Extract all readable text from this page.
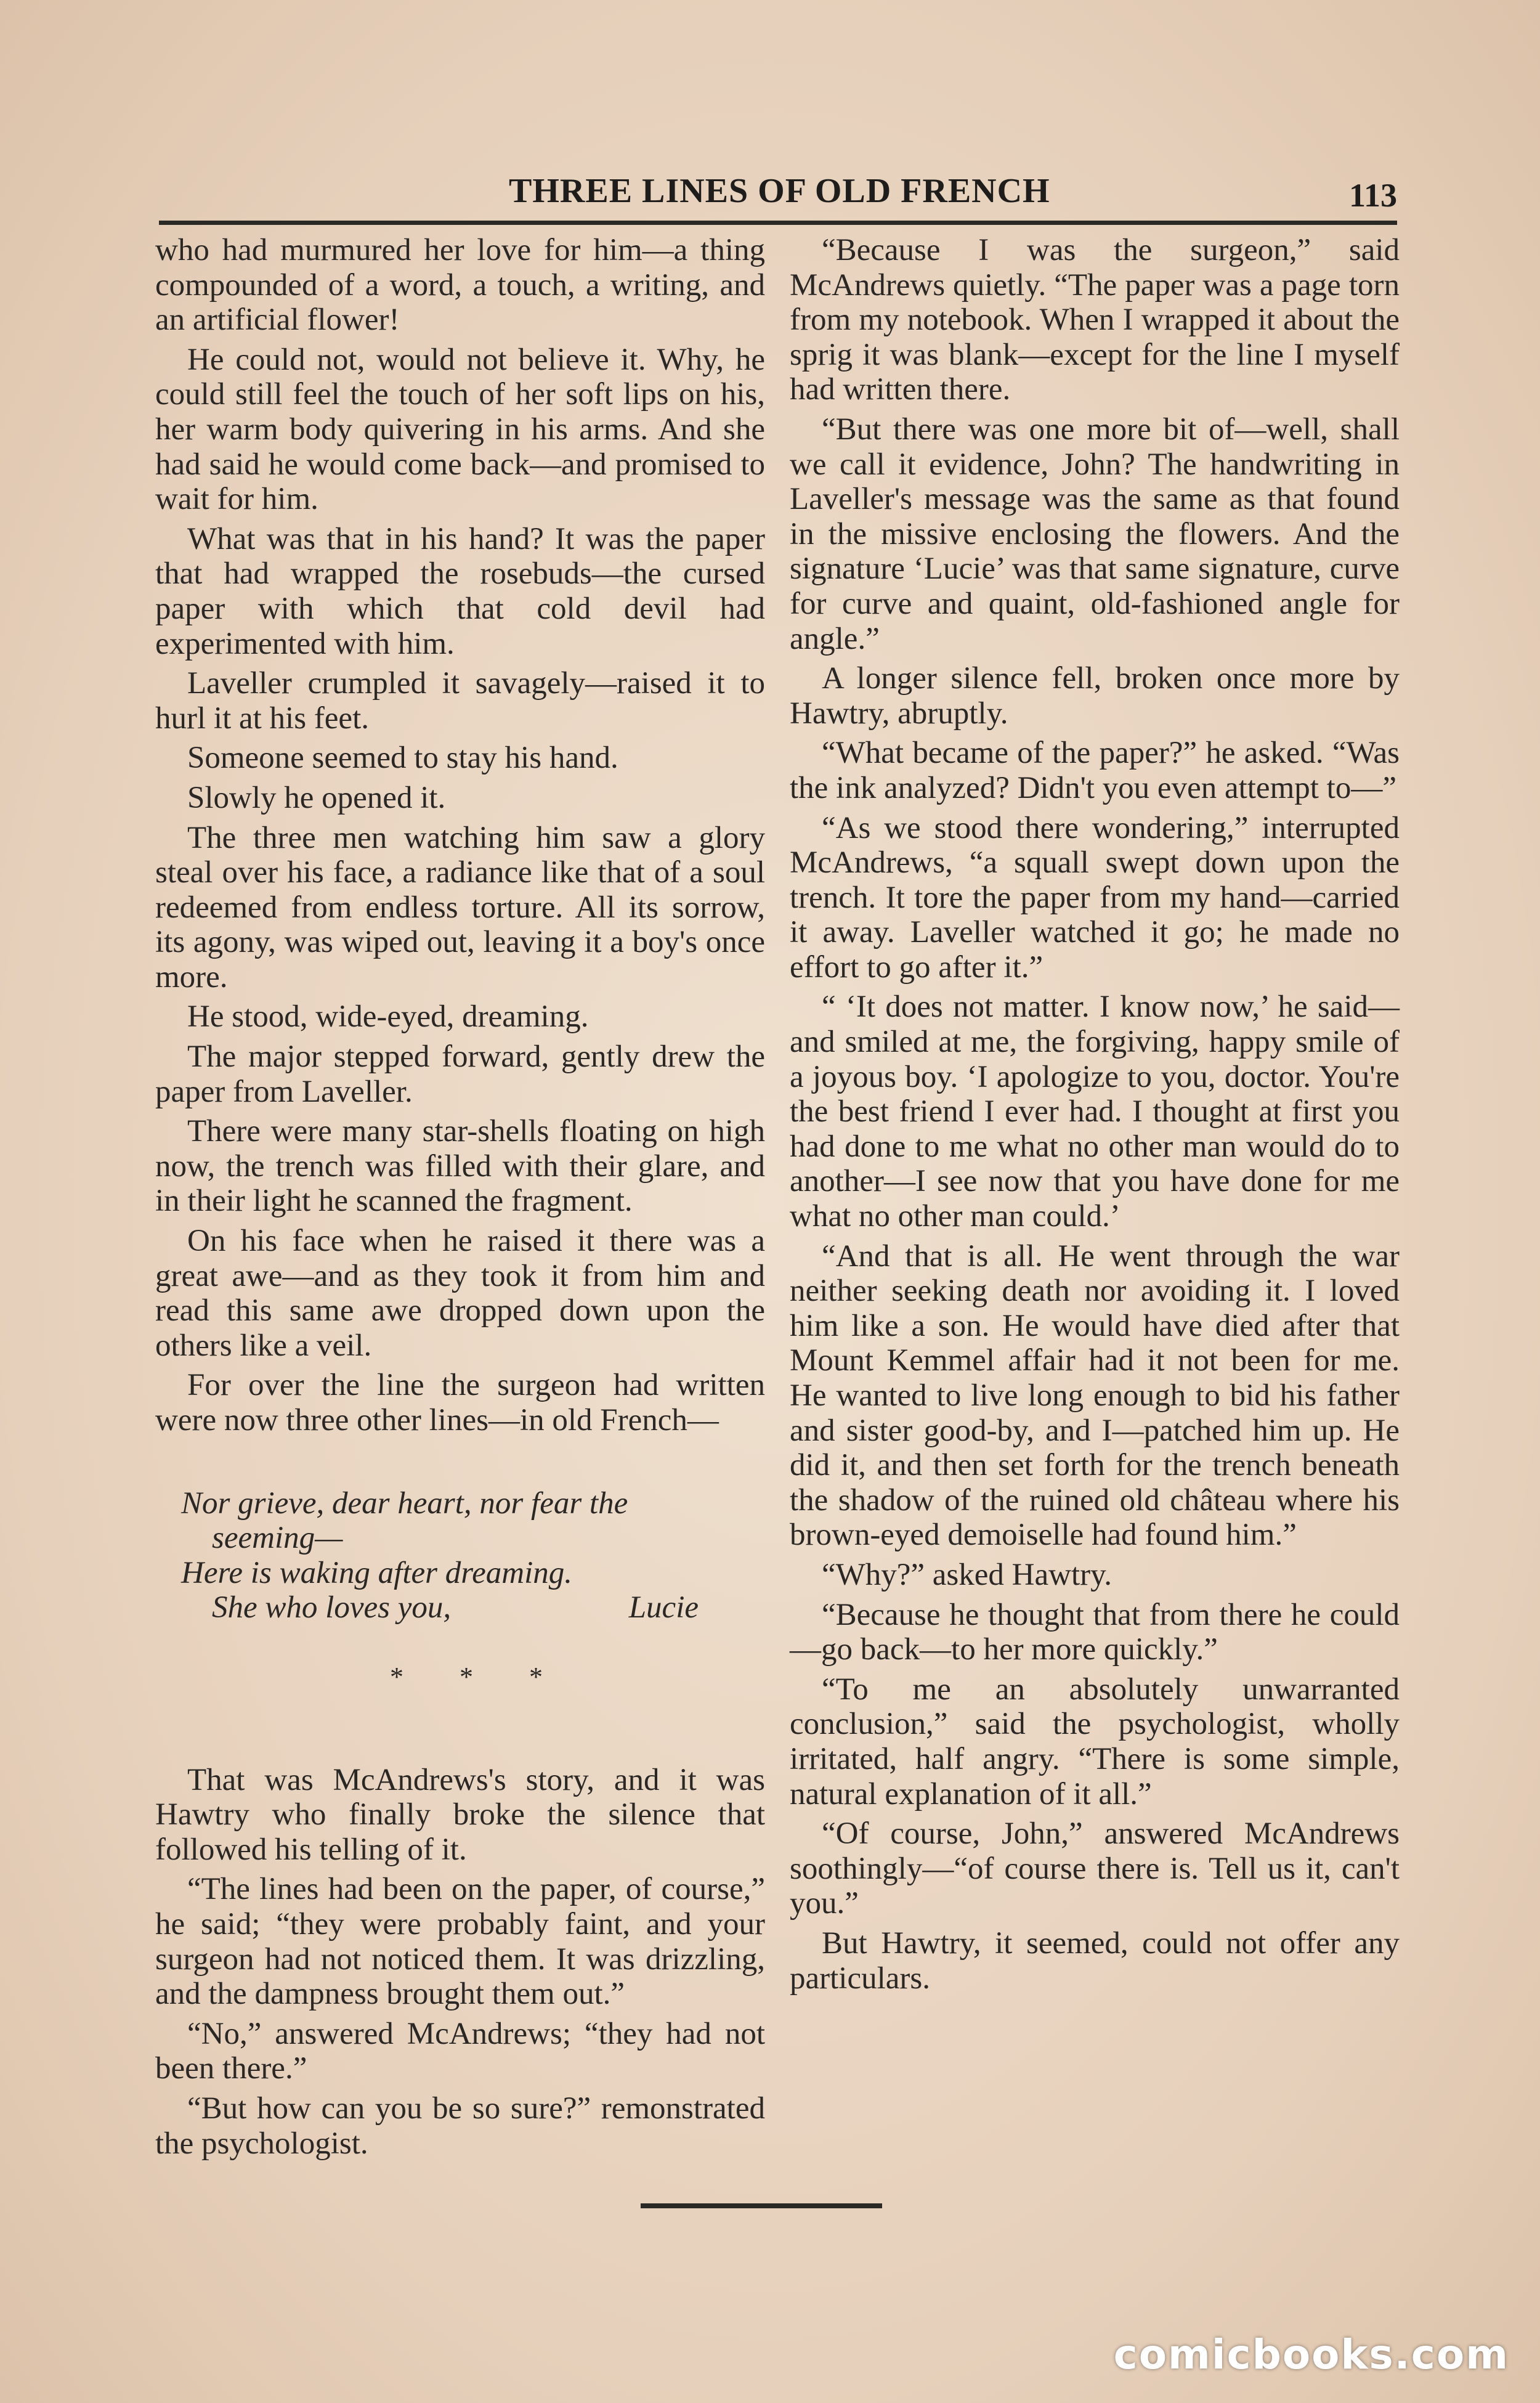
THREE LINES OF OLD FRENCH	113

who had murmured her love for him—a thing compounded of a word, a touch, a writing, and an artificial flower!

He could not, would not believe it. Why, he could still feel the touch of her soft lips on his, her warm body quivering in his arms. And she had said he would come back—and promised to wait for him.

What was that in his hand? It was the paper that had wrapped the rosebuds—the cursed paper with which that cold devil had experimented with him.

Laveller crumpled it savagely—raised it to hurl it at his feet.

Someone seemed to stay his hand.

Slowly he opened it.

The three men watching him saw a glory steal over his face, a radiance like that of a soul redeemed from endless torture. All its sorrow, its agony, was wiped out, leaving it a boy's once more.

He stood, wide-eyed, dreaming.

The major stepped forward, gently drew the paper from Laveller.

There were many star-shells floating on high now, the trench was filled with their glare, and in their light he scanned the fragment.

On his face when he raised it there was a great awe—and as they took it from him and read this same awe dropped down upon the others like a veil.

For over the line the surgeon had written were now three other lines—in old French—

Nor grieve, dear heart, nor fear the
seeming—
Here is waking after dreaming.
She who loves you,	Lucie
* * *

That was McAndrews's story, and it was Hawtry who finally broke the silence that followed his telling of it.

“The lines had been on the paper, of course,” he said; “they were probably faint, and your surgeon had not noticed them. It was drizzling, and the dampness brought them out.”

“No,” answered McAndrews; “they had not been there.”

“But how can you be so sure?” remonstrated the psychologist.

“Because I was the surgeon,” said McAndrews quietly. “The paper was a page torn from my notebook. When I wrapped it about the sprig it was blank—except for the line I myself had written there.

“But there was one more bit of—well, shall we call it evidence, John? The handwriting in Laveller's message was the same as that found in the missive enclosing the flowers. And the signature ‘Lucie’ was that same signature, curve for curve and quaint, old-fashioned angle for angle.”

A longer silence fell, broken once more by Hawtry, abruptly.

“What became of the paper?” he asked. “Was the ink analyzed? Didn't you even attempt to—”

“As we stood there wondering,” interrupted McAndrews, “a squall swept down upon the trench. It tore the paper from my hand—carried it away. Laveller watched it go; he made no effort to go after it.”

“ ‘It does not matter. I know now,’ he said—and smiled at me, the forgiving, happy smile of a joyous boy. ‘I apologize to you, doctor. You're the best friend I ever had. I thought at first you had done to me what no other man would do to another—I see now that you have done for me what no other man could.’

“And that is all. He went through the war neither seeking death nor avoiding it. I loved him like a son. He would have died after that Mount Kemmel affair had it not been for me. He wanted to live long enough to bid his father and sister good-by, and I—patched him up. He did it, and then set forth for the trench beneath the shadow of the ruined old château where his brown-eyed demoiselle had found him.”

“Why?” asked Hawtry.

“Because he thought that from there he could—go back—to her more quickly.”

“To me an absolutely unwarranted conclusion,” said the psychologist, wholly irritated, half angry. “There is some simple, natural explanation of it all.”

“Of course, John,” answered McAndrews soothingly—“of course there is. Tell us it, can't you.”

But Hawtry, it seemed, could not offer any particulars.

comicbooks.com
